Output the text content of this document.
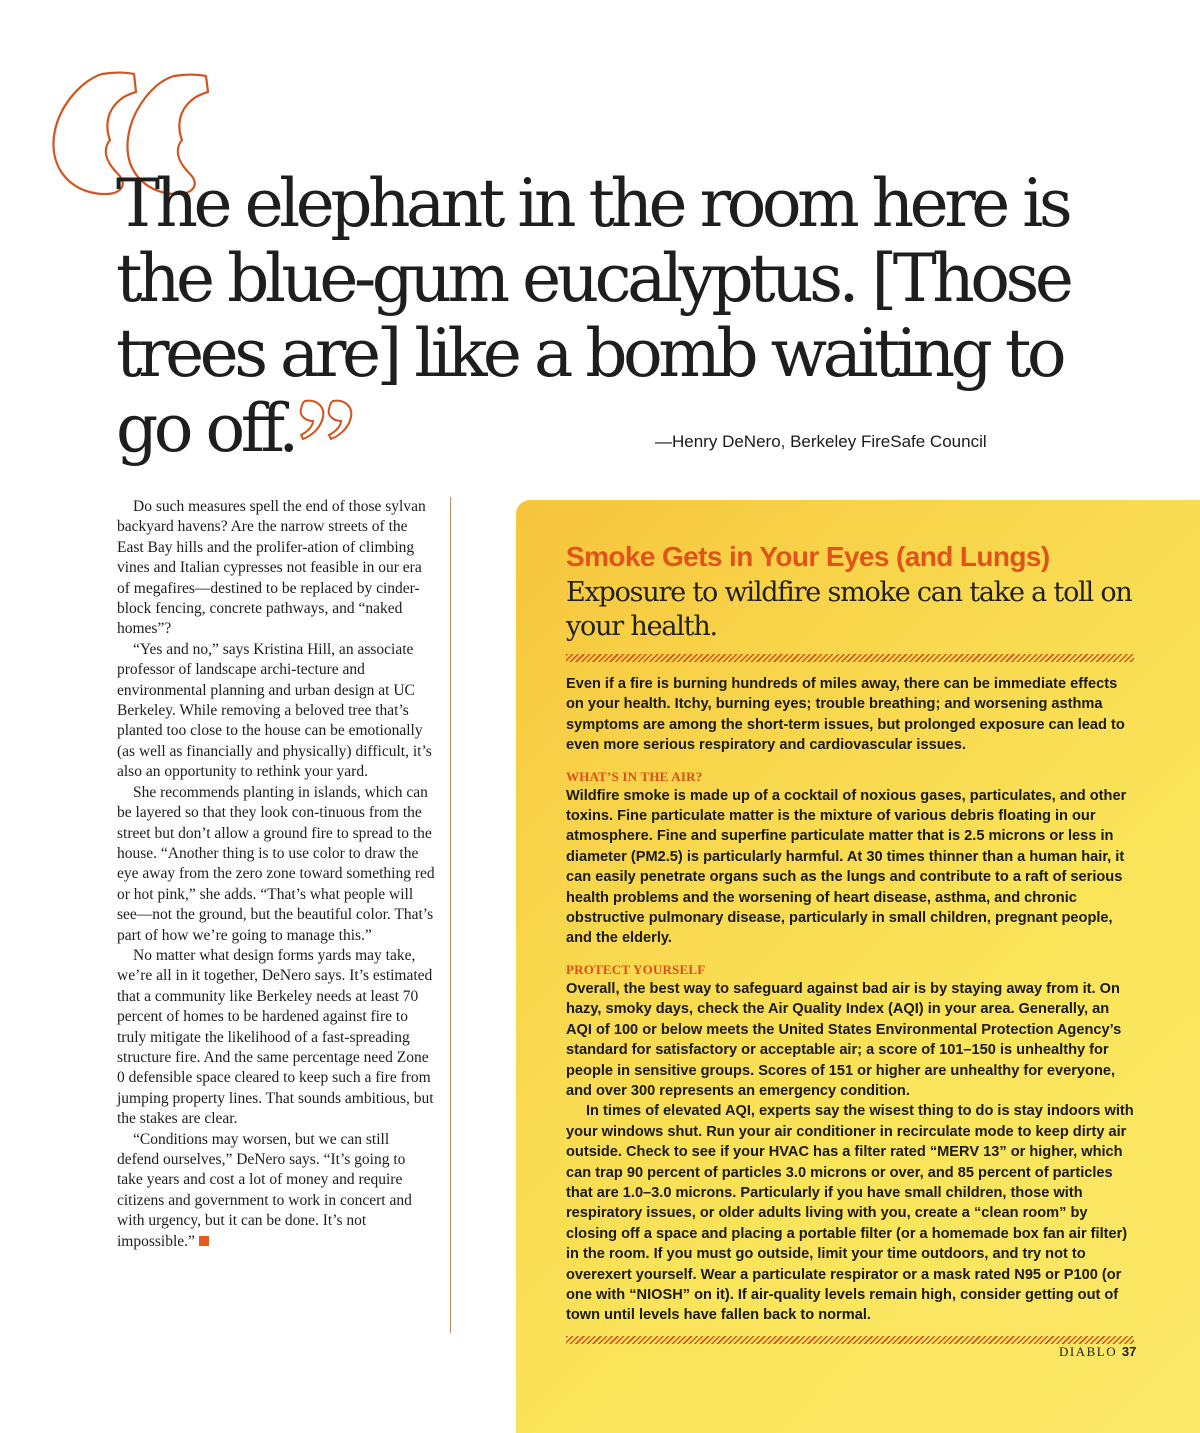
The elephant in the room here is the blue-gum eucalyptus. [Those trees are] like a bomb waiting to go off.	—Henry DeNero, Berkeley FireSafe Council

Do such measures spell the end of those sylvan backyard havens? Are the narrow streets of the East Bay hills and the prolifer-ation of climbing vines and Italian cypresses not feasible in our era of megafires—destined to be replaced by cinder-block fencing, concrete pathways, and “naked homes”?

“Yes and no,” says Kristina Hill, an associate professor of landscape archi-tecture and environmental planning and urban design at UC Berkeley. While removing a beloved tree that’s planted too close to the house can be emotionally (as well as financially and physically) difficult, it’s also an opportunity to rethink your yard.

She recommends planting in islands, which can be layered so that they look con-tinuous from the street but don’t allow a ground fire to spread to the house. “Another thing is to use color to draw the eye away from the zero zone toward something red or hot pink,” she adds. “That’s what people will see—not the ground, but the beautiful color. That’s part of how we’re going to manage this.”

No matter what design forms yards may take, we’re all in it together, DeNero says. It’s estimated that a community like Berkeley needs at least 70 percent of homes to be hardened against fire to truly mitigate the likelihood of a fast-spreading structure fire. And the same percentage need Zone 0 defensible space cleared to keep such a fire from jumping property lines. That sounds ambitious, but the stakes are clear.

“Conditions may worsen, but we can still defend ourselves,” DeNero says. “It’s going to take years and cost a lot of money and require citizens and government to work in concert and with urgency, but it can be done. It’s not impossible.”

Smoke Gets in Your Eyes (and Lungs)

Exposure to wildfire smoke can take a toll on your health.

Even if a fire is burning hundreds of miles away, there can be immediate effects on your health. Itchy, burning eyes; trouble breathing; and worsening asthma symptoms are among the short-term issues, but prolonged exposure can lead to even more serious respiratory and cardiovascular issues.

WHAT’S IN THE AIR?

Wildfire smoke is made up of a cocktail of noxious gases, particulates, and other toxins. Fine particulate matter is the mixture of various debris floating in our atmosphere. Fine and superfine particulate matter that is 2.5 microns or less in diameter (PM2.5) is particularly harmful. At 30 times thinner than a human hair, it can easily penetrate organs such as the lungs and contribute to a raft of serious health problems and the worsening of heart disease, asthma, and chronic obstructive pulmonary disease, particularly in small children, pregnant people, and the elderly.

PROTECT YOURSELF

Overall, the best way to safeguard against bad air is by staying away from it. On hazy, smoky days, check the Air Quality Index (AQI) in your area. Generally, an AQI of 100 or below meets the United States Environmental Protection Agency’s standard for satisfactory or acceptable air; a score of 101–150 is unhealthy for people in sensitive groups. Scores of 151 or higher are unhealthy for everyone, and over 300 represents an emergency condition.

In times of elevated AQI, experts say the wisest thing to do is stay indoors with your windows shut. Run your air conditioner in recirculate mode to keep dirty air outside. Check to see if your HVAC has a filter rated “MERV 13” or higher, which can trap 90 percent of particles 3.0 microns or over, and 85 percent of particles that are 1.0–3.0 microns. Particularly if you have small children, those with respiratory issues, or older adults living with you, create a “clean room” by closing off a space and placing a portable filter (or a homemade box fan air filter) in the room. If you must go outside, limit your time outdoors, and try not to overexert yourself. Wear a particulate respirator or a mask rated N95 or P100 (or one with “NIOSH” on it). If air-quality levels remain high, consider getting out of town until levels have fallen back to normal.

DIABLO 37
